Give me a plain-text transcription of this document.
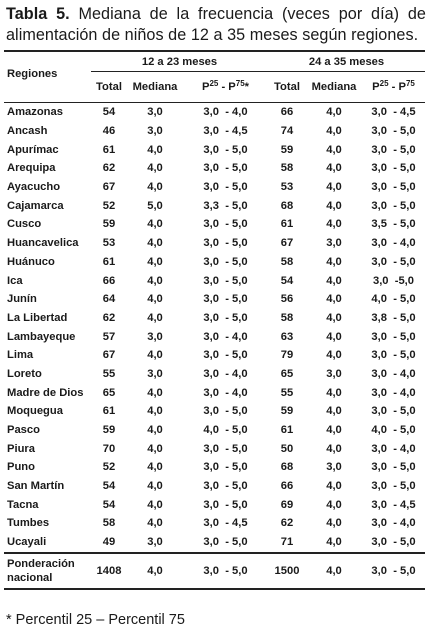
Tabla 5. Mediana de la frecuencia (veces por día) de alimentación de niños de 12 a 35 meses según regiones.
Regiones	12 a 23 meses			24 a 35 meses		
	Total	Mediana	$P^{25} - P^{75}*$	Total	Mediana	$P^{25} - P^{75}$
Amazonas	54	3,0	3,0  - 4,0	66	4,0	3,0  - 4,5
Ancash	46	3,0	3,0  - 4,5	74	4,0	3,0  - 5,0
Apurímac	61	4,0	3,0  - 5,0	59	4,0	3,0  - 5,0
Arequipa	62	4,0	3,0  - 5,0	58	4,0	3,0  - 5,0
Ayacucho	67	4,0	3,0  - 5,0	53	4,0	3,0  - 5,0
Cajamarca	52	5,0	3,3  - 5,0	68	4,0	3,0  - 5,0
Cusco	59	4,0	3,0  - 5,0	61	4,0	3,5  - 5,0
Huancavelica	53	4,0	3,0  - 5,0	67	3,0	3,0  - 4,0
Huánuco	61	4,0	3,0  - 5,0	58	4,0	3,0  - 5,0
Ica	66	4,0	3,0  - 5,0	54	4,0	3,0  -5,0
Junín	64	4,0	3,0  - 5,0	56	4,0	4,0  - 5,0
La Libertad	62	4,0	3,0  - 5,0	58	4,0	3,8  - 5,0
Lambayeque	57	3,0	3,0  - 4,0	63	4,0	3,0  - 5,0
Lima	67	4,0	3,0  - 5,0	79	4,0	3,0  - 5,0
Loreto	55	3,0	3,0  - 4,0	65	3,0	3,0  - 4,0
Madre de Dios	65	4,0	3,0  - 4,0	55	4,0	3,0  - 4,0
Moquegua	61	4,0	3,0  - 5,0	59	4,0	3,0  - 5,0
Pasco	59	4,0	4,0  - 5,0	61	4,0	4,0  - 5,0
Piura	70	4,0	3,0  - 5,0	50	4,0	3,0  - 4,0
Puno	52	4,0	3,0  - 5,0	68	3,0	3,0  - 5,0
San Martín	54	4,0	3,0  - 5,0	66	4,0	3,0  - 5,0
Tacna	54	4,0	3,0  - 5,0	69	4,0	3,0  - 4,5
Tumbes	58	4,0	3,0  - 4,5	62	4,0	3,0  - 4,0
Ucayali	49	3,0	3,0  - 5,0	71	4,0	3,0  - 5,0
Ponderación
nacional	1408	4,0	3,0  - 5,0	1500	4,0	3,0  - 5,0
* Percentil 25 – Percentil 75
